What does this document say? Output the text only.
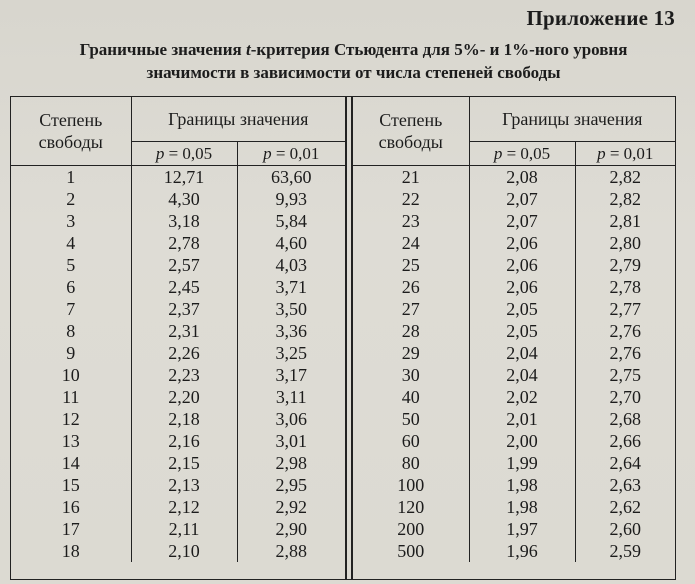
Приложение 13
Граничные значения t-критерия Стьюдента для 5%- и 1%-ного уровня
значимости в зависимости от числа степеней свободы
Степень
свободы	Границы значения	
	p = 0,05	p = 0,01
1	12,71	63,60
2	4,30	9,93
3	3,18	5,84
4	2,78	4,60
5	2,57	4,03
6	2,45	3,71
7	2,37	3,50
8	2,31	3,36
9	2,26	3,25
10	2,23	3,17
11	2,20	3,11
12	2,18	3,06
13	2,16	3,01
14	2,15	2,98
15	2,13	2,95
16	2,12	2,92
17	2,11	2,90
18	2,10	2,88
Степень
свободы	Границы значения	
	p = 0,05	p = 0,01
21	2,08	2,82
22	2,07	2,82
23	2,07	2,81
24	2,06	2,80
25	2,06	2,79
26	2,06	2,78
27	2,05	2,77
28	2,05	2,76
29	2,04	2,76
30	2,04	2,75
40	2,02	2,70
50	2,01	2,68
60	2,00	2,66
80	1,99	2,64
100	1,98	2,63
120	1,98	2,62
200	1,97	2,60
500	1,96	2,59
